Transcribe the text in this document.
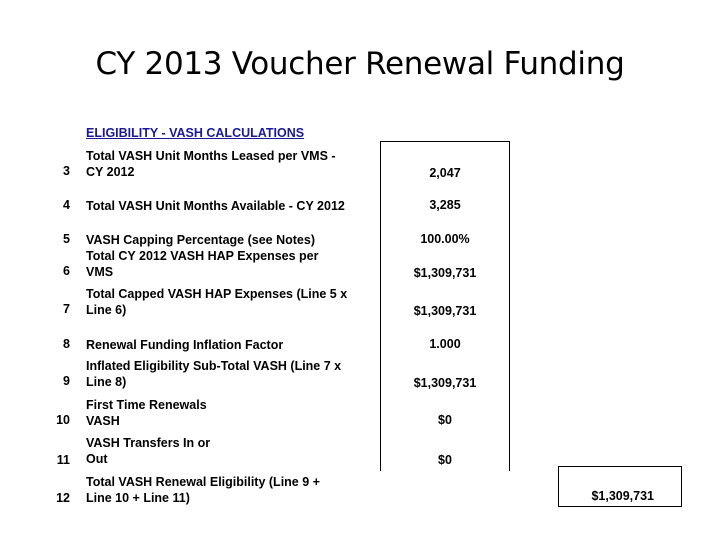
CY 2013 Voucher Renewal Funding
ELIGIBILITY - VASH CALCULATIONS
3
Total VASH Unit Months Leased per VMS -
CY 2012	2,047
4 Total VASH Unit Months Available - CY 2012	3,285
5 VASH Capping Percentage (see Notes)	100.00%
6
Total CY 2012 VASH HAP Expenses per
VMS	$1,309,731
7
Total Capped VASH HAP Expenses (Line 5 x
Line 6)	$1,309,731
8 Renewal Funding Inflation Factor	1.000
9
Inflated Eligibility Sub-Total VASH (Line 7 x
Line 8)	$1,309,731
10
First Time Renewals
VASH	$0
11
VASH Transfers In or
Out	$0
12
Total VASH Renewal Eligibility (Line 9 +
Line 10 + Line 11)	$1,309,731
